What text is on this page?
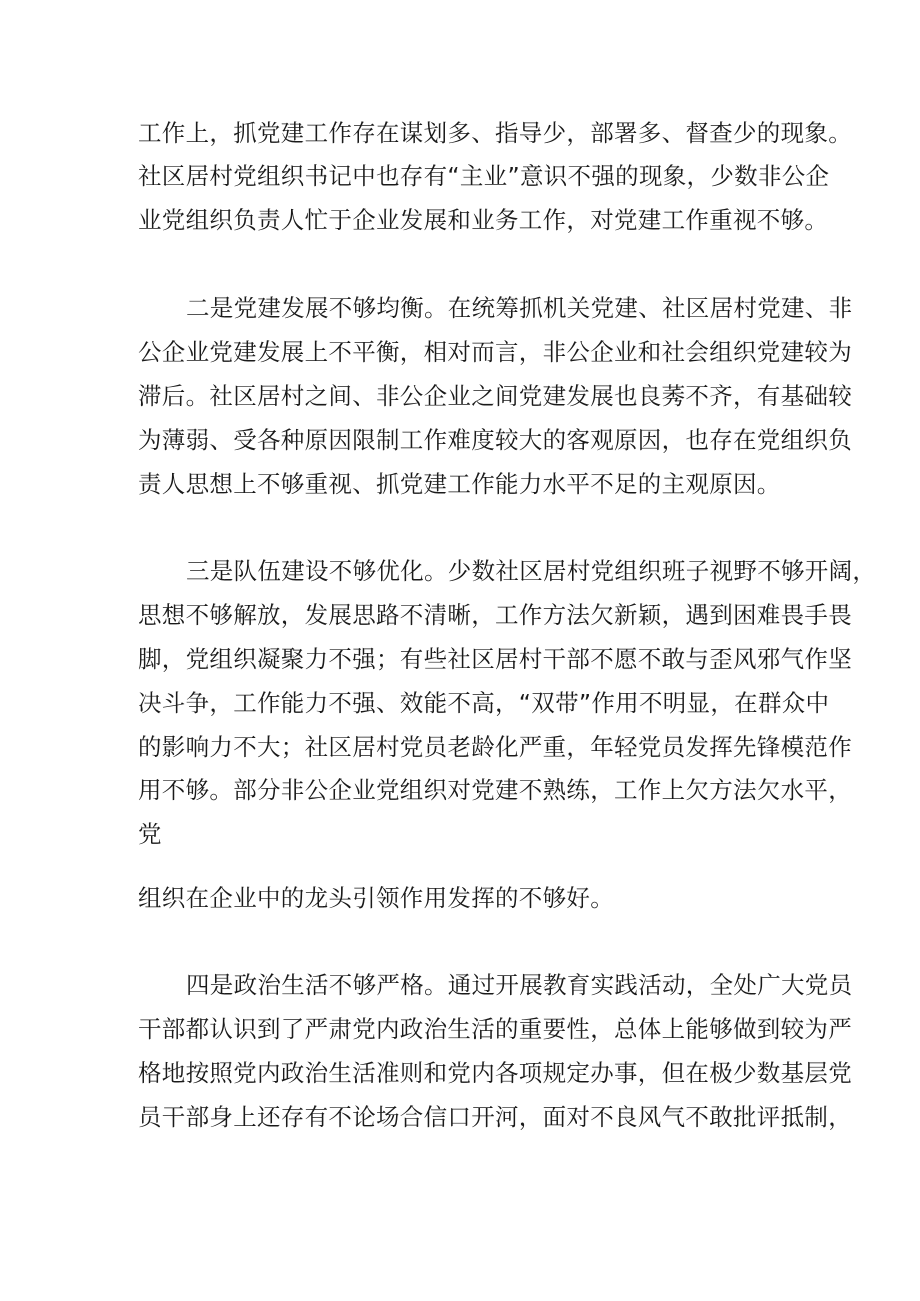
工作上，抓党建工作存在谋划多、指导少，部署多、督查少的现象。
社区居村党组织书记中也存有“主业”意识不强的现象，少数非公企
业党组织负责人忙于企业发展和业务工作，对党建工作重视不够。
二是党建发展不够均衡。在统筹抓机关党建、社区居村党建、非
公企业党建发展上不平衡，相对而言，非公企业和社会组织党建较为
滞后。社区居村之间、非公企业之间党建发展也良莠不齐，有基础较
为薄弱、受各种原因限制工作难度较大的客观原因，也存在党组织负
责人思想上不够重视、抓党建工作能力水平不足的主观原因。
三是队伍建设不够优化。少数社区居村党组织班子视野不够开阔，
思想不够解放，发展思路不清晰，工作方法欠新颖，遇到困难畏手畏
脚，党组织凝聚力不强；有些社区居村干部不愿不敢与歪风邪气作坚
决斗争，工作能力不强、效能不高，“双带”作用不明显，在群众中
的影响力不大；社区居村党员老龄化严重，年轻党员发挥先锋模范作
用不够。部分非公企业党组织对党建不熟练，工作上欠方法欠水平，
党
组织在企业中的龙头引领作用发挥的不够好。
四是政治生活不够严格。通过开展教育实践活动，全处广大党员
干部都认识到了严肃党内政治生活的重要性，总体上能够做到较为严
格地按照党内政治生活准则和党内各项规定办事，但在极少数基层党
员干部身上还存有不论场合信口开河，面对不良风气不敢批评抵制，
